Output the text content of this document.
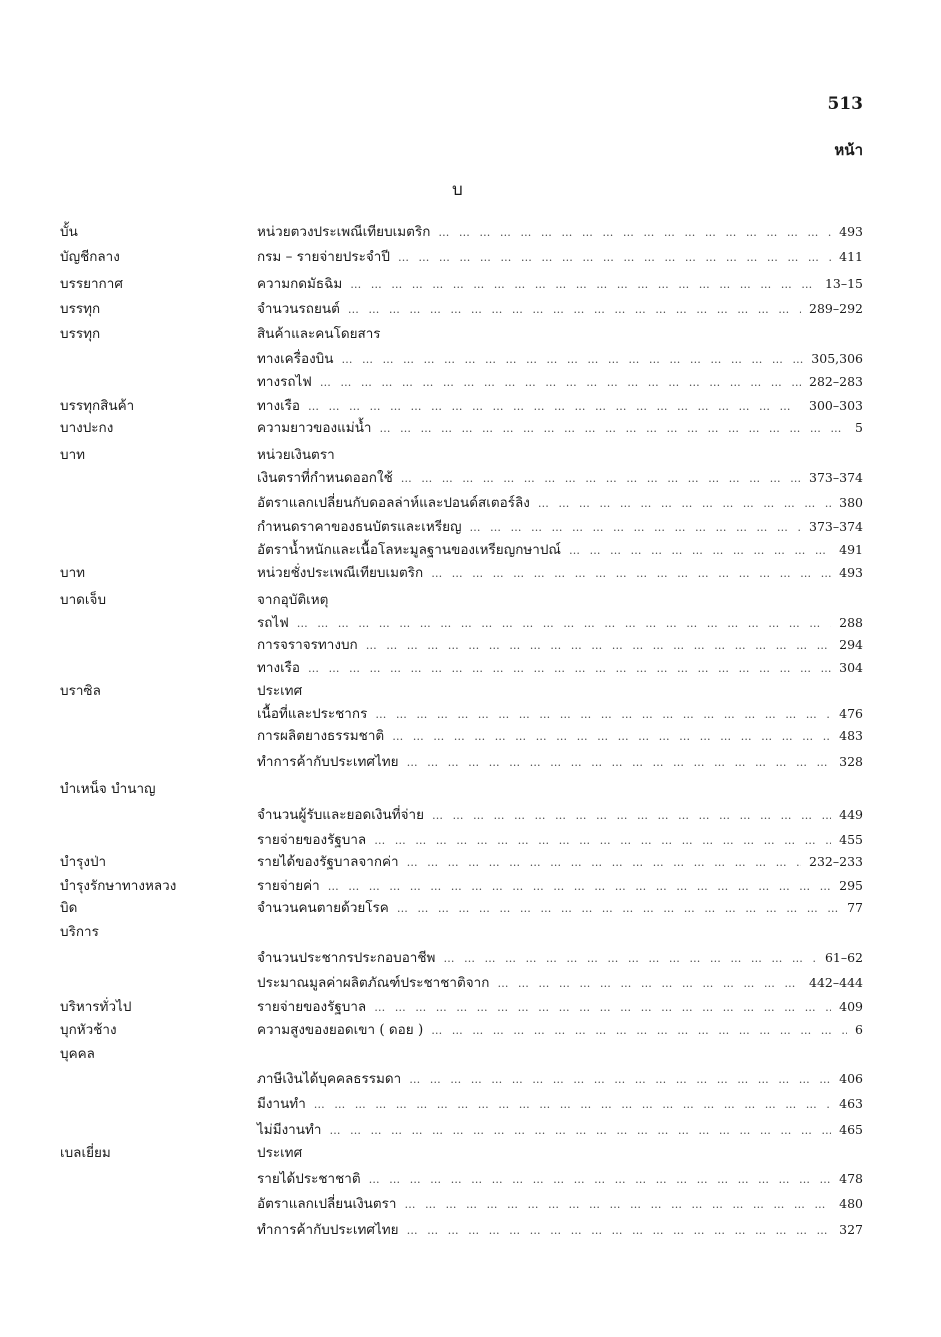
513
หน้า
บ
บั้น	หน่วยตวงประเพณีเทียบเมตริก … … … … … … … … … … … … … … … … … … … … … … … … … … … … … … … …	493
บัญชีกลาง	กรม – รายจ่ายประจำปี … … … … … … … … … … … … … … … … … … … … … … … … … … … … … … … …	411
บรรยากาศ	ความกดมัธฉิม … … … … … … … … … … … … … … … … … … … … … … … … … … … … … … … …	13–15
บรรทุก	จำนวนรถยนต์ … … … … … … … … … … … … … … … … … … … … … … … … … … … … … … … …	289–292
บรรทุก	สินค้าและคนโดยสาร
ทางเครื่องบิน … … … … … … … … … … … … … … … … … … … … … … … … … … … … … … … …	305,306
ทางรถไฟ … … … … … … … … … … … … … … … … … … … … … … … … … … … … … … … …	282–283
บรรทุกสินค้า	ทางเรือ … … … … … … … … … … … … … … … … … … … … … … … … … … … … … … … …	300–303
บางปะกง	ความยาวของแม่น้ำ … … … … … … … … … … … … … … … … … … … … … … … … … … … … … … … …	5
บาท	หน่วยเงินตรา
เงินตราที่กำหนดออกใช้ … … … … … … … … … … … … … … … … … … … … … … … … … … … … … … … …	373–374
อัตราแลกเปลี่ยนกับดอลล่าห์และปอนด์สเตอร์ลิง … … … … … … … … … … … … … … … … … … … … … … … … … … … … … … … …	380
กำหนดราคาของธนบัตรและเหรียญ … … … … … … … … … … … … … … … … … … … … … … … … … … … … … … … …	373–374
อัตราน้ำหนักและเนื้อโลหะมูลฐานของเหรียญกษาปณ์ … … … … … … … … … … … … … … … … … … … … … … … … … … … … … … … …	491
บาท	หน่วยชั่งประเพณีเทียบเมตริก … … … … … … … … … … … … … … … … … … … … … … … … … … … … … … … …	493
บาดเจ็บ	จากอุบัติเหตุ
รถไฟ … … … … … … … … … … … … … … … … … … … … … … … … … … … … … … … …	288
การจราจรทางบก … … … … … … … … … … … … … … … … … … … … … … … … … … … … … … … …	294
ทางเรือ … … … … … … … … … … … … … … … … … … … … … … … … … … … … … … … …	304
บราซิล	ประเทศ
เนื้อที่และประชากร … … … … … … … … … … … … … … … … … … … … … … … … … … … … … … … …	476
การผลิตยางธรรมชาติ … … … … … … … … … … … … … … … … … … … … … … … … … … … … … … … …	483
ทำการค้ากับประเทศไทย … … … … … … … … … … … … … … … … … … … … … … … … … … … … … … … …	328
บำเหน็จ บำนาญ
จำนวนผู้รับและยอดเงินที่จ่าย … … … … … … … … … … … … … … … … … … … … … … … … … … … … … … … …	449
รายจ่ายของรัฐบาล … … … … … … … … … … … … … … … … … … … … … … … … … … … … … … … …	455
บำรุงป่า	รายได้ของรัฐบาลจากค่า … … … … … … … … … … … … … … … … … … … … … … … … … … … … … … … …	232–233
บำรุงรักษาทางหลวง	รายจ่ายค่า … … … … … … … … … … … … … … … … … … … … … … … … … … … … … … … …	295
บิด	จำนวนคนตายด้วยโรค … … … … … … … … … … … … … … … … … … … … … … … … … … … … … … … …	77
บริการ
จำนวนประชากรประกอบอาชีพ … … … … … … … … … … … … … … … … … … … … … … … … … … … … … … … …	61–62
ประมาณมูลค่าผลิตภัณฑ์ประชาชาติจาก … … … … … … … … … … … … … … … … … … … … … … … … … … … … … … … …	442–444
บริหารทั่วไป	รายจ่ายของรัฐบาล … … … … … … … … … … … … … … … … … … … … … … … … … … … … … … … …	409
บุกหัวช้าง	ความสูงของยอดเขา ( ดอย ) … … … … … … … … … … … … … … … … … … … … … … … … … … … … … … … …	6
บุคคล
ภาษีเงินได้บุคคลธรรมดา … … … … … … … … … … … … … … … … … … … … … … … … … … … … … … … …	406
มีงานทำ … … … … … … … … … … … … … … … … … … … … … … … … … … … … … … … …	463
ไม่มีงานทำ … … … … … … … … … … … … … … … … … … … … … … … … … … … … … … … …	465
เบลเยี่ยม	ประเทศ
รายได้ประชาชาติ … … … … … … … … … … … … … … … … … … … … … … … … … … … … … … … …	478
อัตราแลกเปลี่ยนเงินตรา … … … … … … … … … … … … … … … … … … … … … … … … … … … … … … … …	480
ทำการค้ากับประเทศไทย … … … … … … … … … … … … … … … … … … … … … … … … … … … … … … … …	327
